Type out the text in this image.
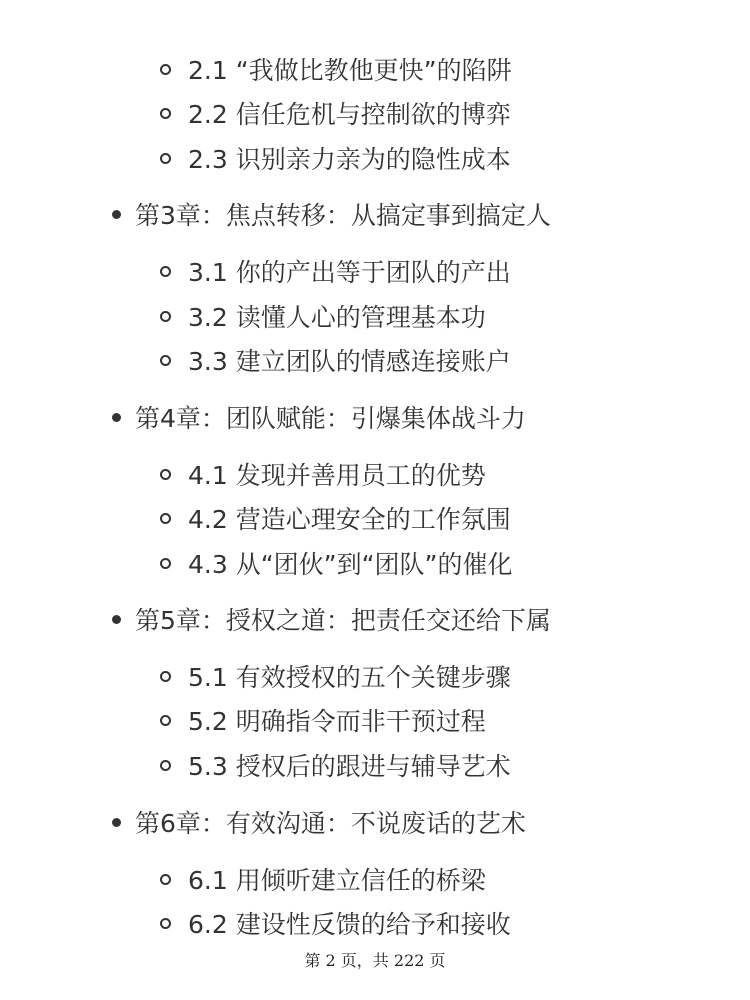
2.1 “我做比教他更快”的陷阱
2.2 信任危机与控制欲的博弈
2.3 识别亲力亲为的隐性成本
第3章：焦点转移：从搞定事到搞定人
3.1 你的产出等于团队的产出
3.2 读懂人心的管理基本功
3.3 建立团队的情感连接账户
第4章：团队赋能：引爆集体战斗力
4.1 发现并善用员工的优势
4.2 营造心理安全的工作氛围
4.3 从“团伙”到“团队”的催化
第5章：授权之道：把责任交还给下属
5.1 有效授权的五个关键步骤
5.2 明确指令而非干预过程
5.3 授权后的跟进与辅导艺术
第6章：有效沟通：不说废话的艺术
6.1 用倾听建立信任的桥梁
6.2 建设性反馈的给予和接收
第 2 页，共 222 页
